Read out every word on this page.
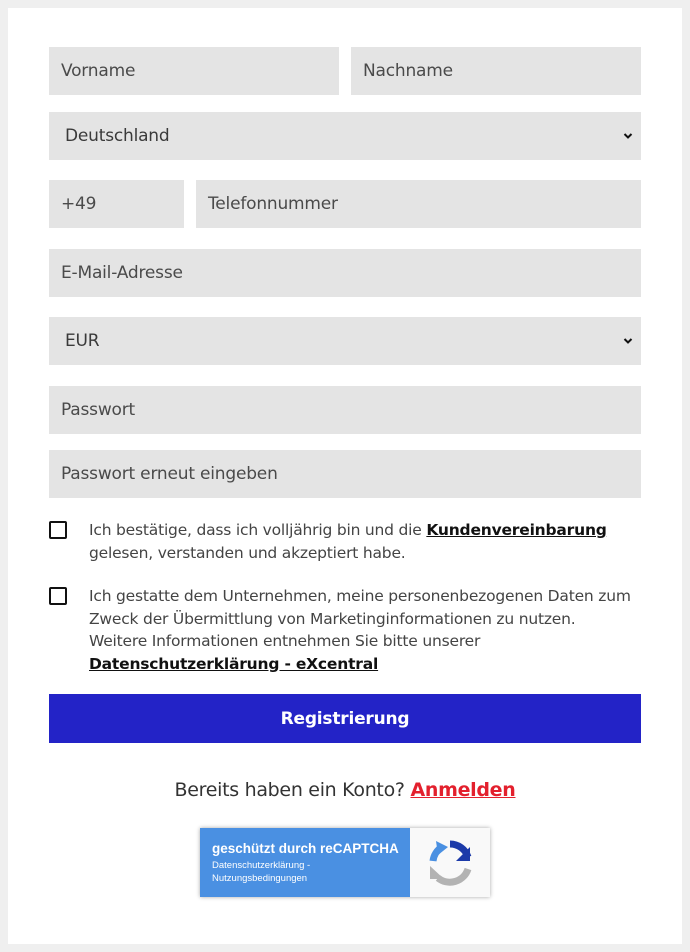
Vorname	Nachname
Deutschland
+49	Telefonnummer
E-Mail-Adresse
EUR
Passwort
Passwort erneut eingeben
Ich bestätige, dass ich volljährig bin und die Kundenvereinbarung gelesen, verstanden und akzeptiert habe.
Ich gestatte dem Unternehmen, meine personenbezogenen Daten zum Zweck der Übermittlung von Marketinginformationen zu nutzen. Weitere Informationen entnehmen Sie bitte unserer Datenschutzerklärung - eXcentral
Registrierung
Bereits haben ein Konto? Anmelden
geschützt durch reCAPTCHA
Datenschutzerklärung -
Nutzungsbedingungen
